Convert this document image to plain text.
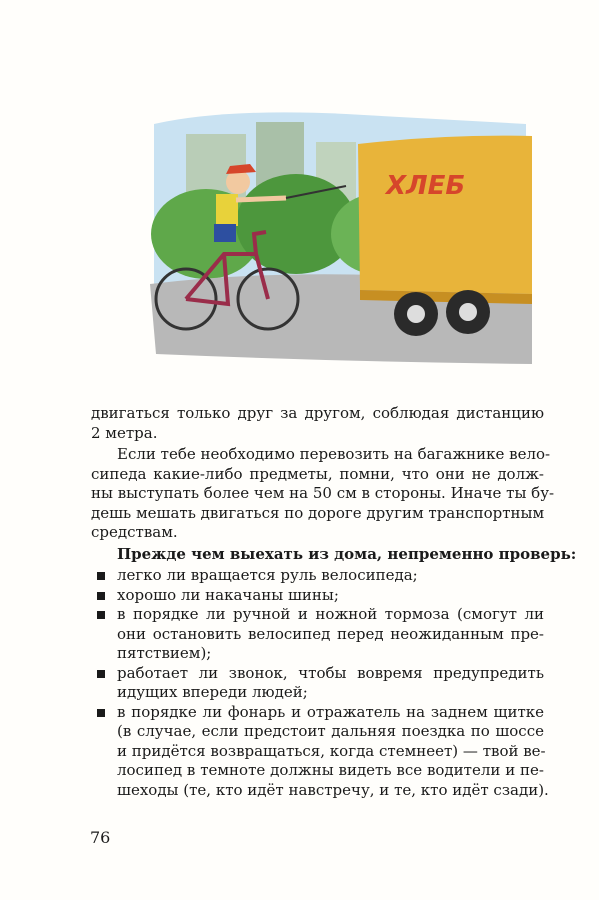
ХЛЕБ
двигаться только друг за другом, соблюдая дистанцию
2 метра.
Если тебе необходимо перевозить на багажнике вело-
сипеда какие-либо предметы, помни, что они не долж-
ны выступать более чем на 50 см в стороны. Иначе ты бу-
дешь мешать двигаться по дороге другим транспортным
средствам.
Прежде чем выехать из дома, непременно проверь:
легко ли вращается руль велосипеда;
хорошо ли накачаны шины;
в порядке ли ручной и ножной тормоза (смогут ли
они остановить велосипед перед неожиданным пре-
пятствием);
работает ли звонок, чтобы вовремя предупредить
идущих впереди людей;
в порядке ли фонарь и отражатель на заднем щитке
(в случае, если предстоит дальняя поездка по шоссе
и придётся возвращаться, когда стемнеет) — твой ве-
лосипед в темноте должны видеть все водители и пе-
шеходы (те, кто идёт навстречу, и те, кто идёт сзади).
76
